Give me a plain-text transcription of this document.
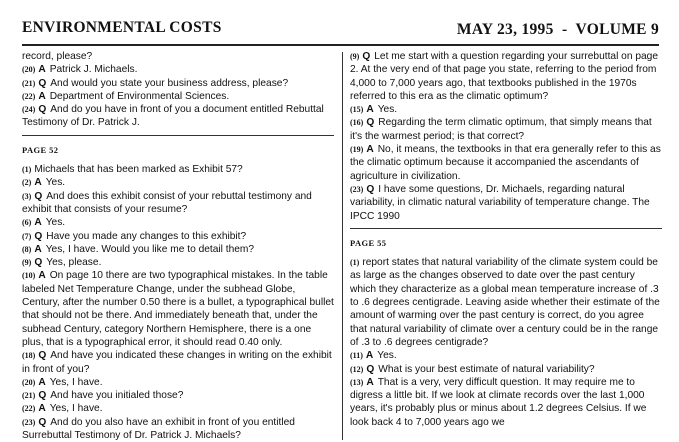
ENVIRONMENTAL COSTS	MAY 23, 1995  -  VOLUME 9

record, please?

(20) A Patrick J. Michaels.

(21) Q And would you state your business address, please?

(22) A Department of Environmental Sciences.

(24) Q And do you have in front of you a document entitled Rebuttal Testimony of Dr. Patrick J.

PAGE 52

(1) Michaels that has been marked as Exhibit 57?

(2) A Yes.

(3) Q And does this exhibit consist of your rebuttal testimony and exhibit that consists of your resume?

(6) A Yes.

(7) Q Have you made any changes to this exhibit?

(8) A Yes, I have. Would you like me to detail them?

(9) Q Yes, please.

(10) A On page 10 there are two typographical mistakes. In the table labeled Net Temperature Change, under the subhead Globe, Century, after the number 0.50 there is a bullet, a typographical bullet that should not be there. And immediately beneath that, under the subhead Century, category Northern Hemisphere, there is a one plus, that is a typographical error, it should read 0.40 only.

(18) Q And have you indicated these changes in writing on the exhibit in front of you?

(20) A Yes, I have.

(21) Q And have you initialed those?

(22) A Yes, I have.

(23) Q And do you also have an exhibit in front of you entitled Surrebuttal Testimony of Dr. Patrick J. Michaels?

(9) Q Let me start with a question regarding your surrebuttal on page 2. At the very end of that page you state, referring to the period from 4,000 to 7,000 years ago, that textbooks published in the 1970s referred to this era as the climatic optimum?

(15) A Yes.

(16) Q Regarding the term climatic optimum, that simply means that it's the warmest period; is that correct?

(19) A No, it means, the textbooks in that era generally refer to this as the climatic optimum because it accompanied the ascendants of agriculture in civilization.

(23) Q I have some questions, Dr. Michaels, regarding natural variability, in climatic natural variability of temperature change. The IPCC 1990

PAGE 55

(1) report states that natural variability of the climate system could be as large as the changes observed to date over the past century which they characterize as a global mean temperature increase of .3 to .6 degrees centigrade. Leaving aside whether their estimate of the amount of warming over the past century is correct, do you agree that natural variability of climate over a century could be in the range of .3 to .6 degrees centigrade?

(11) A Yes.

(12) Q What is your best estimate of natural variability?

(13) A That is a very, very difficult question. It may require me to digress a little bit. If we look at climate records over the last 1,000 years, it's probably plus or minus about 1.2 degrees Celsius. If we look back 4 to 7,000 years ago we
